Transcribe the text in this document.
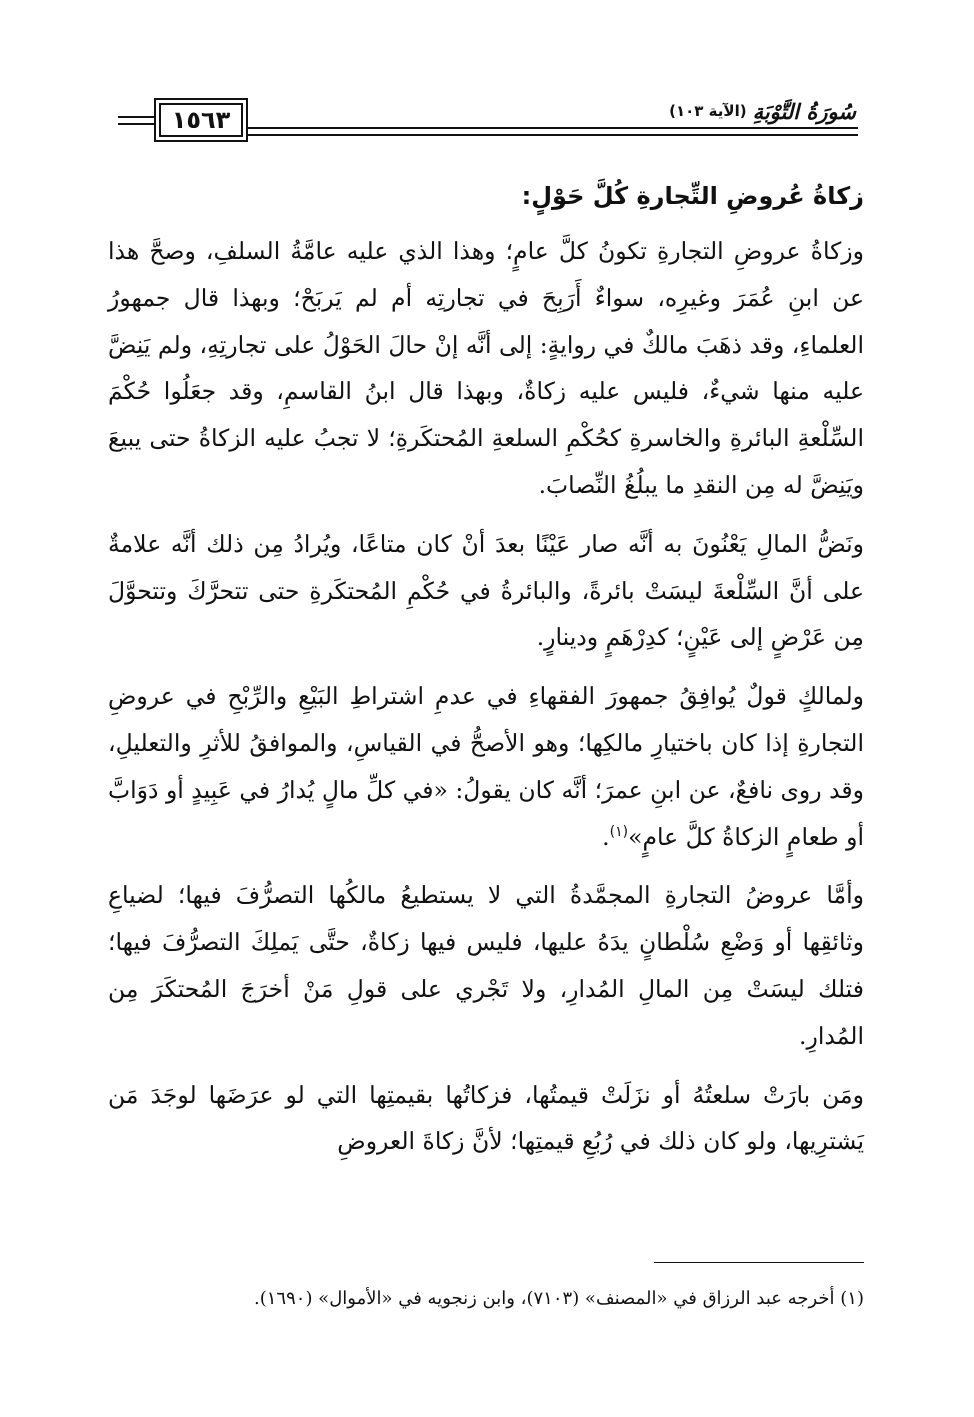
١٥٦٣	سُورَةُ التَّوْبَةِ
(الآية ١٠٣)
زكاةُ عُروضِ التِّجارةِ كُلَّ حَوْلٍ:

وزكاةُ عروضِ التجارةِ تكونُ كلَّ عامٍ؛ وهذا الذي عليه عامَّةُ السلفِ، وصحَّ هذا عن ابنِ عُمَرَ وغيرِه، سواءٌ أَرَبِحَ في تجارتِه أم لم يَربَحْ؛ وبهذا قال جمهورُ العلماءِ، وقد ذهَبَ مالكٌ في روايةٍ: إلى أنَّه إنْ حالَ الحَوْلُ على تجارتِهِ، ولم يَنِضَّ عليه منها شيءٌ، فليس عليه زكاةٌ، وبهذا قال ابنُ القاسمِ، وقد جعَلُوا حُكْمَ السِّلْعةِ البائرةِ والخاسرةِ كحُكْمِ السلعةِ المُحتكَرةِ؛ لا تجبُ عليه الزكاةُ حتى يبيعَ ويَنِضَّ له مِن النقدِ ما يبلُغُ النِّصابَ.

ونَضُّ المالِ يَعْنُونَ به أنَّه صار عَيْنًا بعدَ أنْ كان متاعًا، ويُرادُ مِن ذلك أنَّه علامةٌ على أنَّ السِّلْعةَ ليسَتْ بائرةً، والبائرةُ في حُكْمِ المُحتكَرةِ حتى تتحرَّكَ وتتحوَّلَ مِن عَرْضٍ إلى عَيْنٍ؛ كدِرْهَمٍ ودينارٍ.

ولمالكٍ قولٌ يُوافِقُ جمهورَ الفقهاءِ في عدمِ اشتراطِ البَيْعِ والرِّبْحِ في عروضِ التجارةِ إذا كان باختيارِ مالكِها؛ وهو الأصحُّ في القياسِ، والموافقُ للأثرِ والتعليلِ، وقد روى نافعٌ، عن ابنِ عمرَ؛ أنَّه كان يقولُ: «في كلِّ مالٍ يُدارُ في عَبِيدٍ أو دَوَابَّ أو طعامٍ الزكاةُ كلَّ عامٍ»$^{(١)}$.

وأمَّا عروضُ التجارةِ المجمَّدةُ التي لا يستطيعُ مالكُها التصرُّفَ فيها؛ لضياعِ وثائقِها أو وَضْعِ سُلْطانٍ يدَهُ عليها، فليس فيها زكاةٌ، حتَّى يَملِكَ التصرُّفَ فيها؛ فتلك ليسَتْ مِن المالِ المُدارِ، ولا تَجْري على قولِ مَنْ أخرَجَ المُحتكَرَ مِن المُدارِ.

ومَن بارَتْ سلعتُهُ أو نزَلَتْ قيمتُها، فزكاتُها بقيمتِها التي لو عرَضَها لوجَدَ مَن يَشترِيها، ولو كان ذلك في رُبُعِ قيمتِها؛ لأنَّ زكاةَ العروضِ

(١) أخرجه عبد الرزاق في «المصنف» (٧١٠٣)، وابن زنجويه في «الأموال» (١٦٩٠).
